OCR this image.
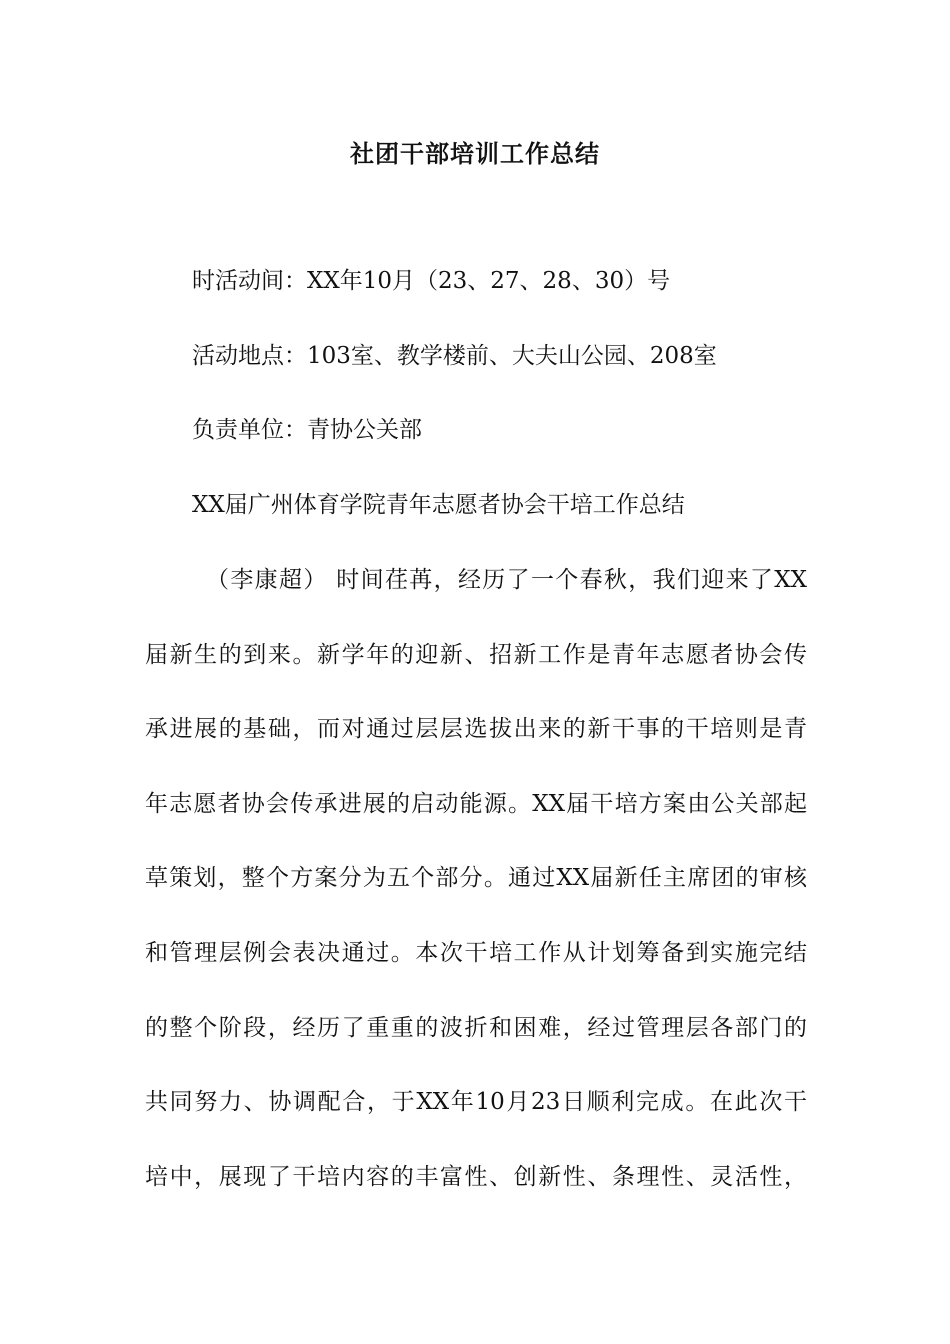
社团干部培训工作总结
时活动间：XX年10月（23、27、28、30）号
活动地点：103室、教学楼前、大夫山公园、208室
负责单位：青协公关部
XX届广州体育学院青年志愿者协会干培工作总结
（李康超） 时间荏苒，经历了一个春秋，我们迎来了XX
届新生的到来。新学年的迎新、招新工作是青年志愿者协会传
承进展的基础，而对通过层层选拔出来的新干事的干培则是青
年志愿者协会传承进展的启动能源。XX届干培方案由公关部起
草策划，整个方案分为五个部分。通过XX届新任主席团的审核
和管理层例会表决通过。本次干培工作从计划筹备到实施完结
的整个阶段，经历了重重的波折和困难，经过管理层各部门的
共同努力、协调配合，于XX年10月23日顺利完成。在此次干
培中，展现了干培内容的丰富性、创新性、条理性、灵活性，
